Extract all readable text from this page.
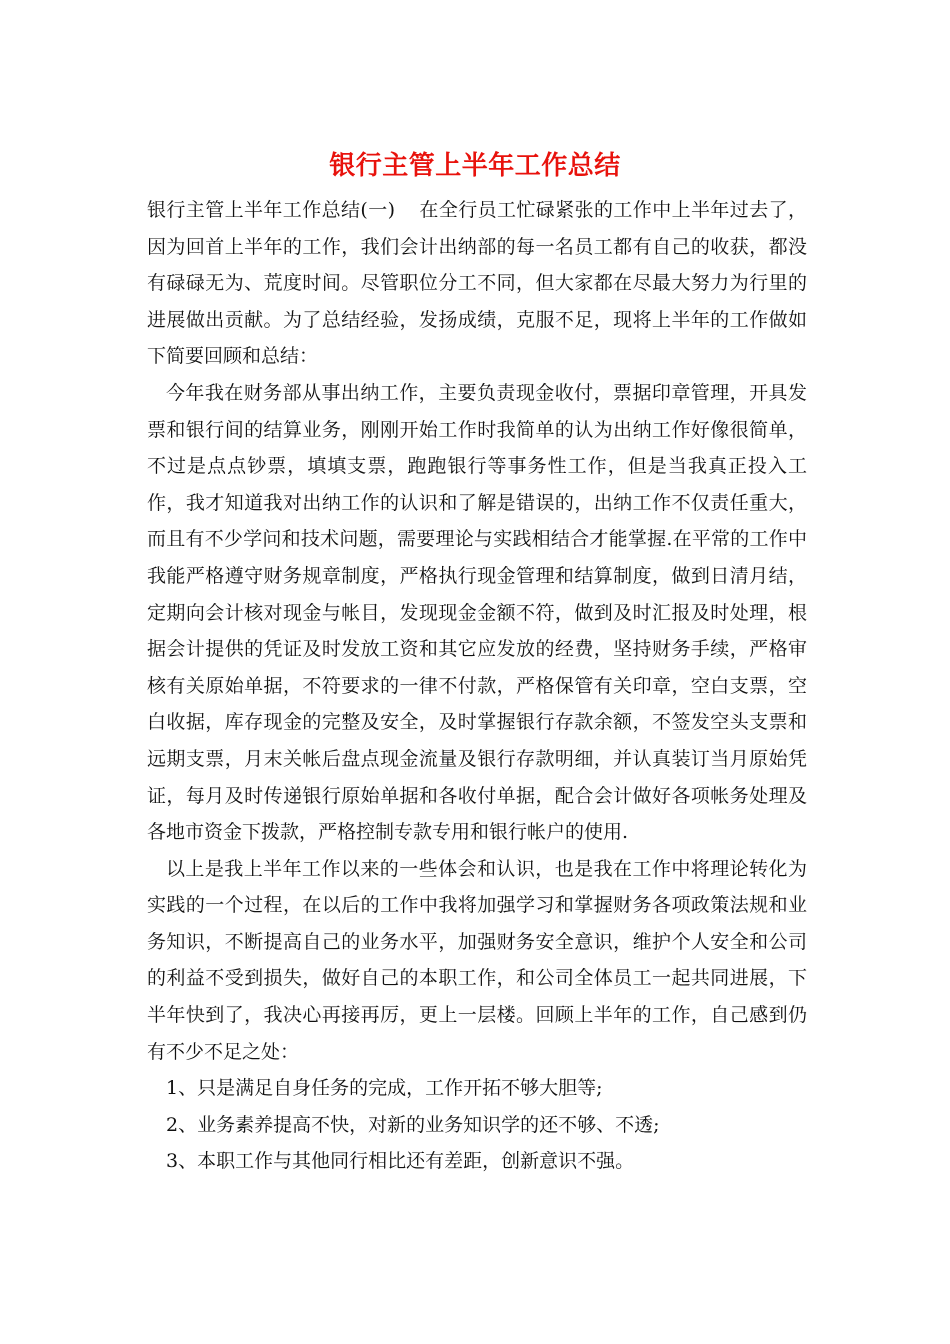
银行主管上半年工作总结

银行主管上半年工作总结(一) 在全行员工忙碌紧张的工作中上半年过去了，因为回首上半年的工作，我们会计出纳部的每一名员工都有自己的收获，都没有碌碌无为、荒度时间。尽管职位分工不同，但大家都在尽最大努力为行里的进展做出贡献。为了总结经验，发扬成绩，克服不足，现将上半年的工作做如下简要回顾和总结：

今年我在财务部从事出纳工作，主要负责现金收付，票据印章管理，开具发票和银行间的结算业务，刚刚开始工作时我简单的认为出纳工作好像很简单，不过是点点钞票，填填支票，跑跑银行等事务性工作，但是当我真正投入工作，我才知道我对出纳工作的认识和了解是错误的，出纳工作不仅责任重大，而且有不少学问和技术问题，需要理论与实践相结合才能掌握.在平常的工作中我能严格遵守财务规章制度，严格执行现金管理和结算制度，做到日清月结，定期向会计核对现金与帐目，发现现金金额不符，做到及时汇报及时处理，根据会计提供的凭证及时发放工资和其它应发放的经费，坚持财务手续，严格审核有关原始单据，不符要求的一律不付款，严格保管有关印章，空白支票，空白收据，库存现金的完整及安全，及时掌握银行存款余额，不签发空头支票和远期支票，月末关帐后盘点现金流量及银行存款明细，并认真装订当月原始凭证，每月及时传递银行原始单据和各收付单据，配合会计做好各项帐务处理及各地市资金下拨款，严格控制专款专用和银行帐户的使用.

以上是我上半年工作以来的一些体会和认识，也是我在工作中将理论转化为实践的一个过程，在以后的工作中我将加强学习和掌握财务各项政策法规和业务知识，不断提高自己的业务水平，加强财务安全意识，维护个人安全和公司的利益不受到损失，做好自己的本职工作，和公司全体员工一起共同进展，下半年快到了，我决心再接再厉，更上一层楼。回顾上半年的工作，自己感到仍有不少不足之处：

1、只是满足自身任务的完成，工作开拓不够大胆等;

2、业务素养提高不快，对新的业务知识学的还不够、不透;

3、本职工作与其他同行相比还有差距，创新意识不强。
